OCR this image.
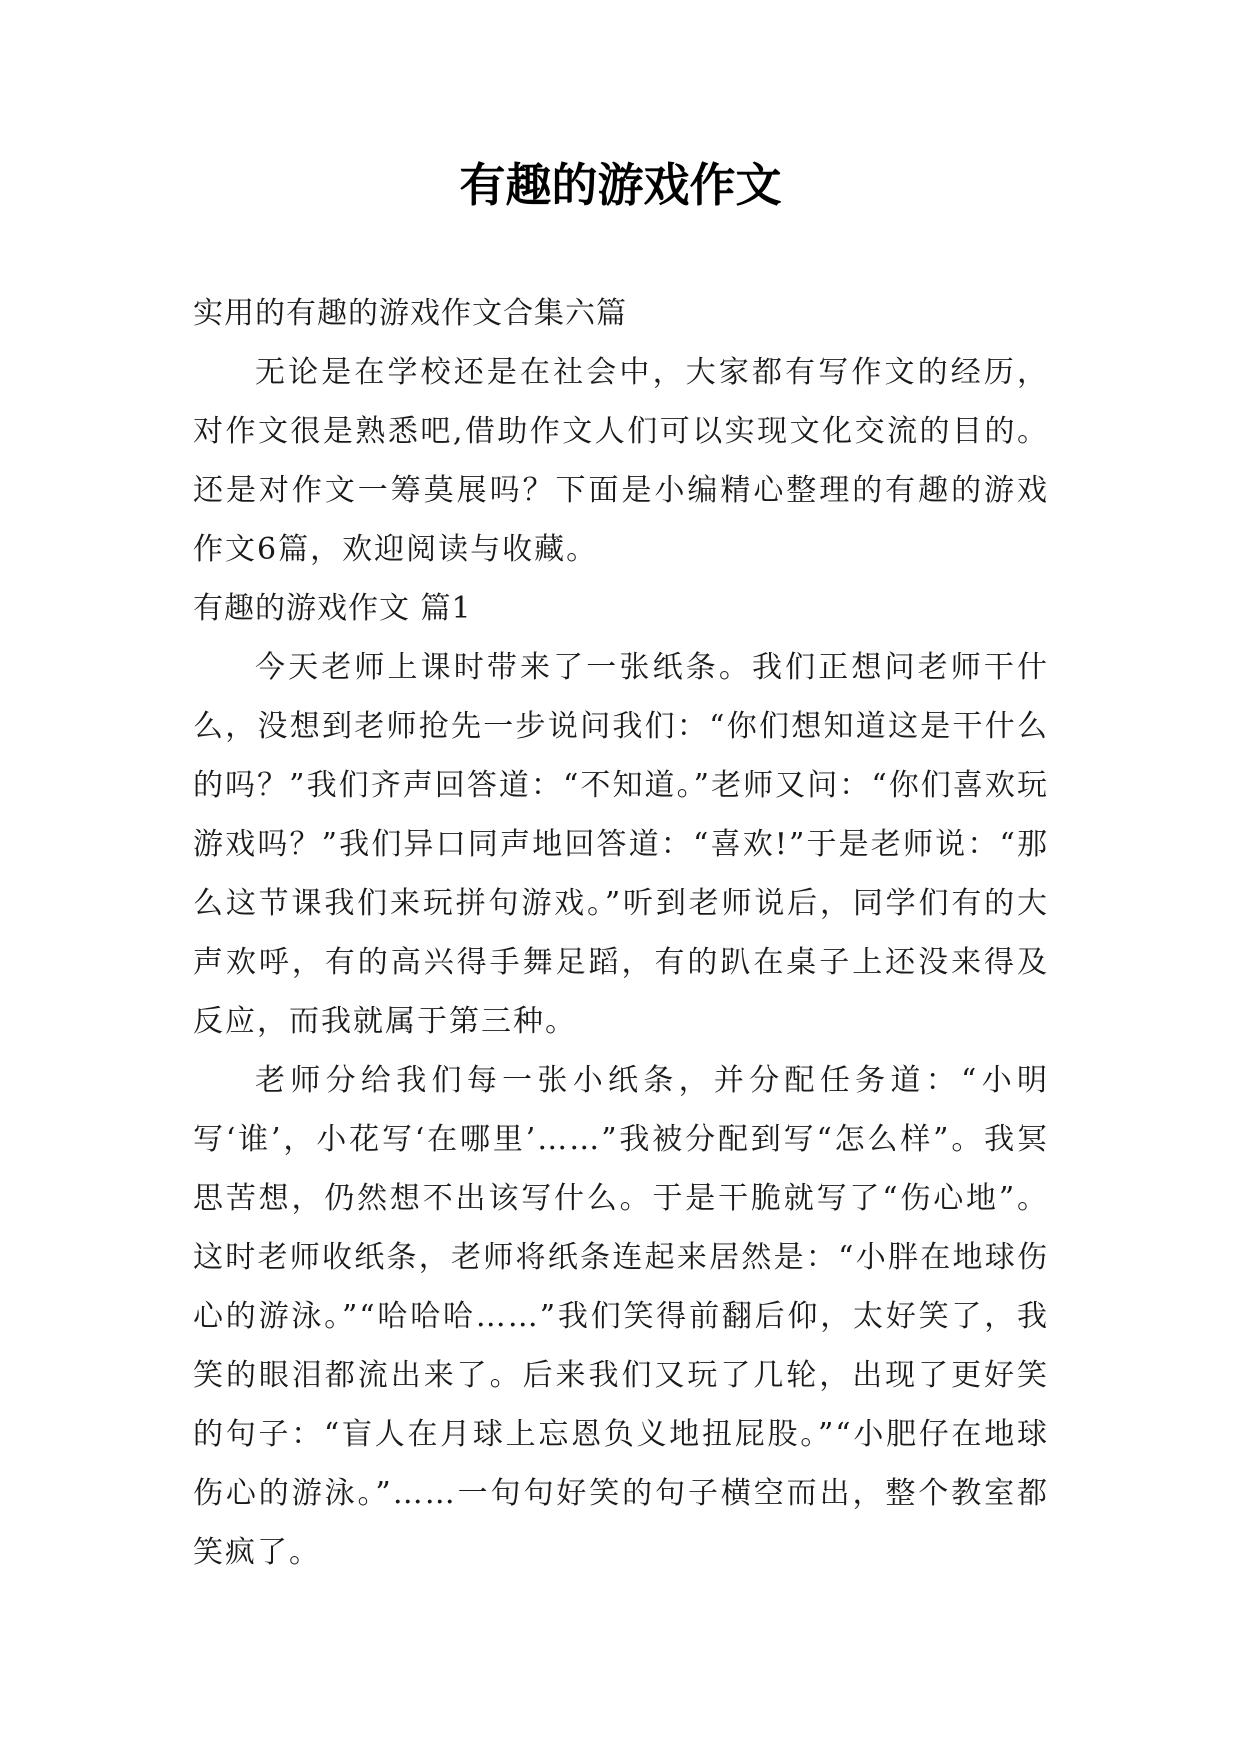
有趣的游戏作文

实用的有趣的游戏作文合集六篇

无论是在学校还是在社会中，大家都有写作文的经历，对作文很是熟悉吧,借助作文人们可以实现文化交流的目的。还是对作文一筹莫展吗？下面是小编精心整理的有趣的游戏作文6篇，欢迎阅读与收藏。

有趣的游戏作文 篇1

今天老师上课时带来了一张纸条。我们正想问老师干什么，没想到老师抢先一步说问我们：“你们想知道这是干什么的吗？”我们齐声回答道：“不知道。”老师又问：“你们喜欢玩游戏吗？”我们异口同声地回答道：“喜欢!”于是老师说：“那么这节课我们来玩拼句游戏。”听到老师说后，同学们有的大声欢呼，有的高兴得手舞足蹈，有的趴在桌子上还没来得及反应，而我就属于第三种。

老师分给我们每一张小纸条，并分配任务道：“小明写‘谁’，小花写‘在哪里’……”我被分配到写“怎么样”。我冥思苦想，仍然想不出该写什么。于是干脆就写了“伤心地”。这时老师收纸条，老师将纸条连起来居然是：“小胖在地球伤心的游泳。”“哈哈哈……”我们笑得前翻后仰，太好笑了，我笑的眼泪都流出来了。后来我们又玩了几轮，出现了更好笑的句子：“盲人在月球上忘恩负义地扭屁股。”“小肥仔在地球伤心的游泳。”……一句句好笑的句子横空而出，整个教室都笑疯了。
